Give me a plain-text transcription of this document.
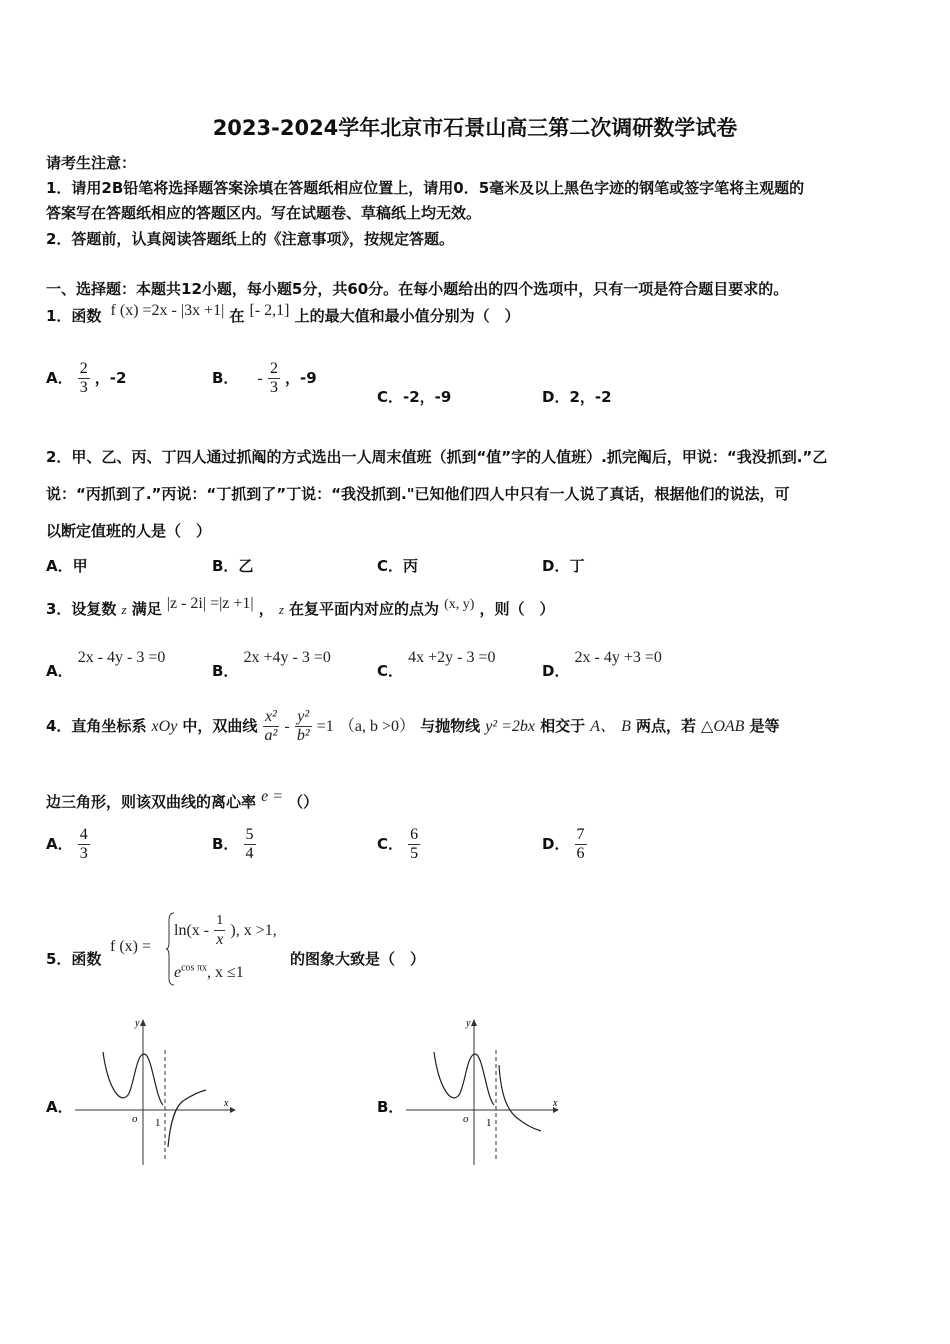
2023-2024学年北京市石景山高三第二次调研数学试卷
请考生注意：
1．请用2B铅笔将选择题答案涂填在答题纸相应位置上，请用0．5毫米及以上黑色字迹的钢笔或签字笔将主观题的
答案写在答题纸相应的答题区内。写在试题卷、草稿纸上均无效。
2．答题前，认真阅读答题纸上的《注意事项》，按规定答题。
一、选择题：本题共12小题，每小题5分，共60分。在每小题给出的四个选项中，只有一项是符合题目要求的。
1．函数 f (x) =2x - |3x +1| 在 [- 2,1] 上的最大值和最小值分别为（　）
A． $\frac{2}{3}$ ，-2	B． - $\frac{2}{3}$ ，-9
C．-2，-9	D．2，-2
2．甲、乙、丙、丁四人通过抓阄的方式选出一人周末值班（抓到“值”字的人值班）.抓完阄后，甲说：“我没抓到.”乙
说：“丙抓到了.”丙说：“丁抓到了”丁说：“我没抓到."已知他们四人中只有一人说了真话，根据他们的说法，可
以断定值班的人是（　）
A．甲	B．乙	C．丙	D．丁
3．设复数 z 满足 |z - 2i| =|z +1| ， z 在复平面内对应的点为 (x, y) ，则（　）
A． 2x - 4y - 3 =0
B． 2x +4y - 3 =0
C． 4x +2y - 3 =0
D． 2x - 4y +3 =0
4．直角坐标系 xOy 中，双曲线 $\frac{\text{x²}}{\text{a²}} - \frac{\text{y²}}{\text{b²}} =1$ （a, b >0） 与抛物线 y² =2bx 相交于 A、 B 两点，若 △OAB 是等
边三角形，则该双曲线的离心率 e = （）
A． $\frac{4}{3}$	B． $\frac{5}{4}$	C． $\frac{6}{5}$	D． $\frac{7}{6}$
5．函数
f (x) =
$\ln(x - \frac{1}{x}$ ), x >1,
$e^{cos \pi x}$, x ≤1
的图象大致是（　）
A．	x
y
o 1
B．	x
y
o 1
